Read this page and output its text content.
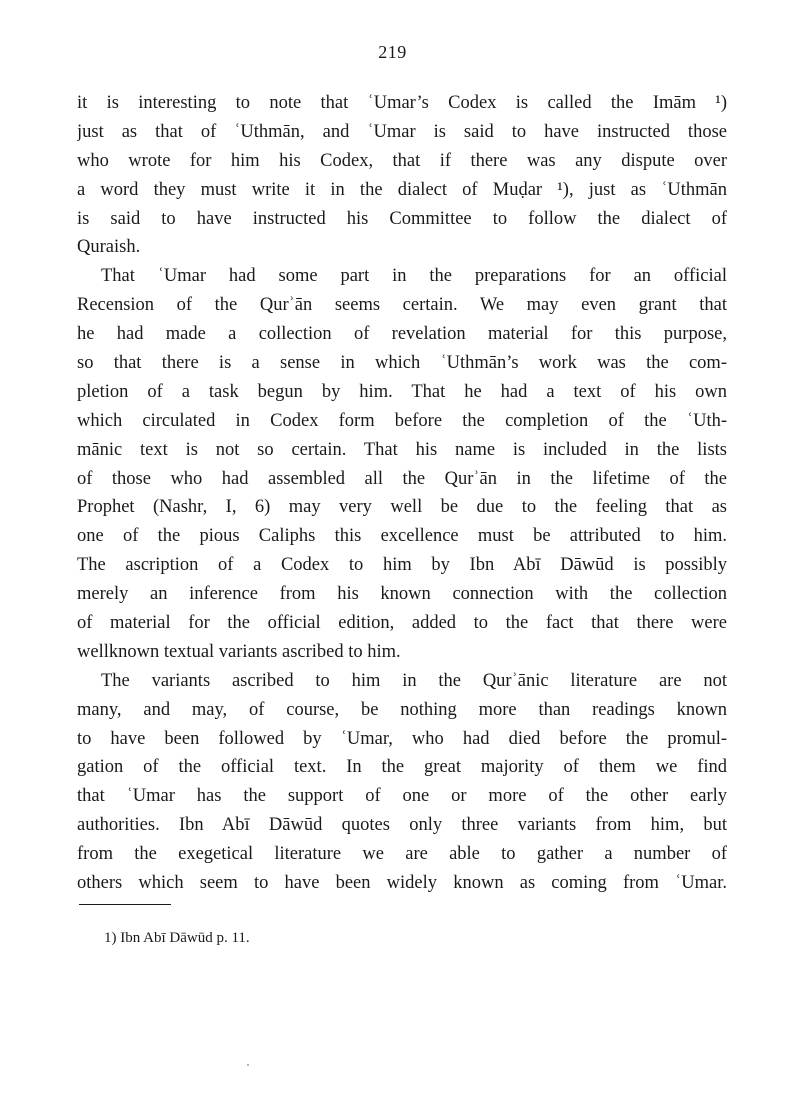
219
it is interesting to note that ʿUmar’s Codex is called the Imām ¹)
just as that of ʿUthmān, and ʿUmar is said to have instructed those
who wrote for him his Codex, that if there was any dispute over
a word they must write it in the dialect of Muḍar ¹), just as ʿUthmān
is said to have instructed his Committee to follow the dialect of
Quraish.
That ʿUmar had some part in the preparations for an official
Recension of the Qurʾān seems certain. We may even grant that
he had made a collection of revelation material for this purpose,
so that there is a sense in which ʿUthmān’s work was the com-
pletion of a task begun by him. That he had a text of his own
which circulated in Codex form before the completion of the ʿUth-
mānic text is not so certain. That his name is included in the lists
of those who had assembled all the Qurʾān in the lifetime of the
Prophet (Nashr, I, 6) may very well be due to the feeling that as
one of the pious Caliphs this excellence must be attributed to him.
The ascription of a Codex to him by Ibn Abī Dāwūd is possibly
merely an inference from his known connection with the collection
of material for the official edition, added to the fact that there were
wellknown textual variants ascribed to him.
The variants ascribed to him in the Qurʾānic literature are not
many, and may, of course, be nothing more than readings known
to have been followed by ʿUmar, who had died before the promul-
gation of the official text. In the great majority of them we find
that ʿUmar has the support of one or more of the other early
authorities. Ibn Abī Dāwūd quotes only three variants from him, but
from the exegetical literature we are able to gather a number of
others which seem to have been widely known as coming from ʿUmar.
1) Ibn Abī Dāwūd p. 11.
